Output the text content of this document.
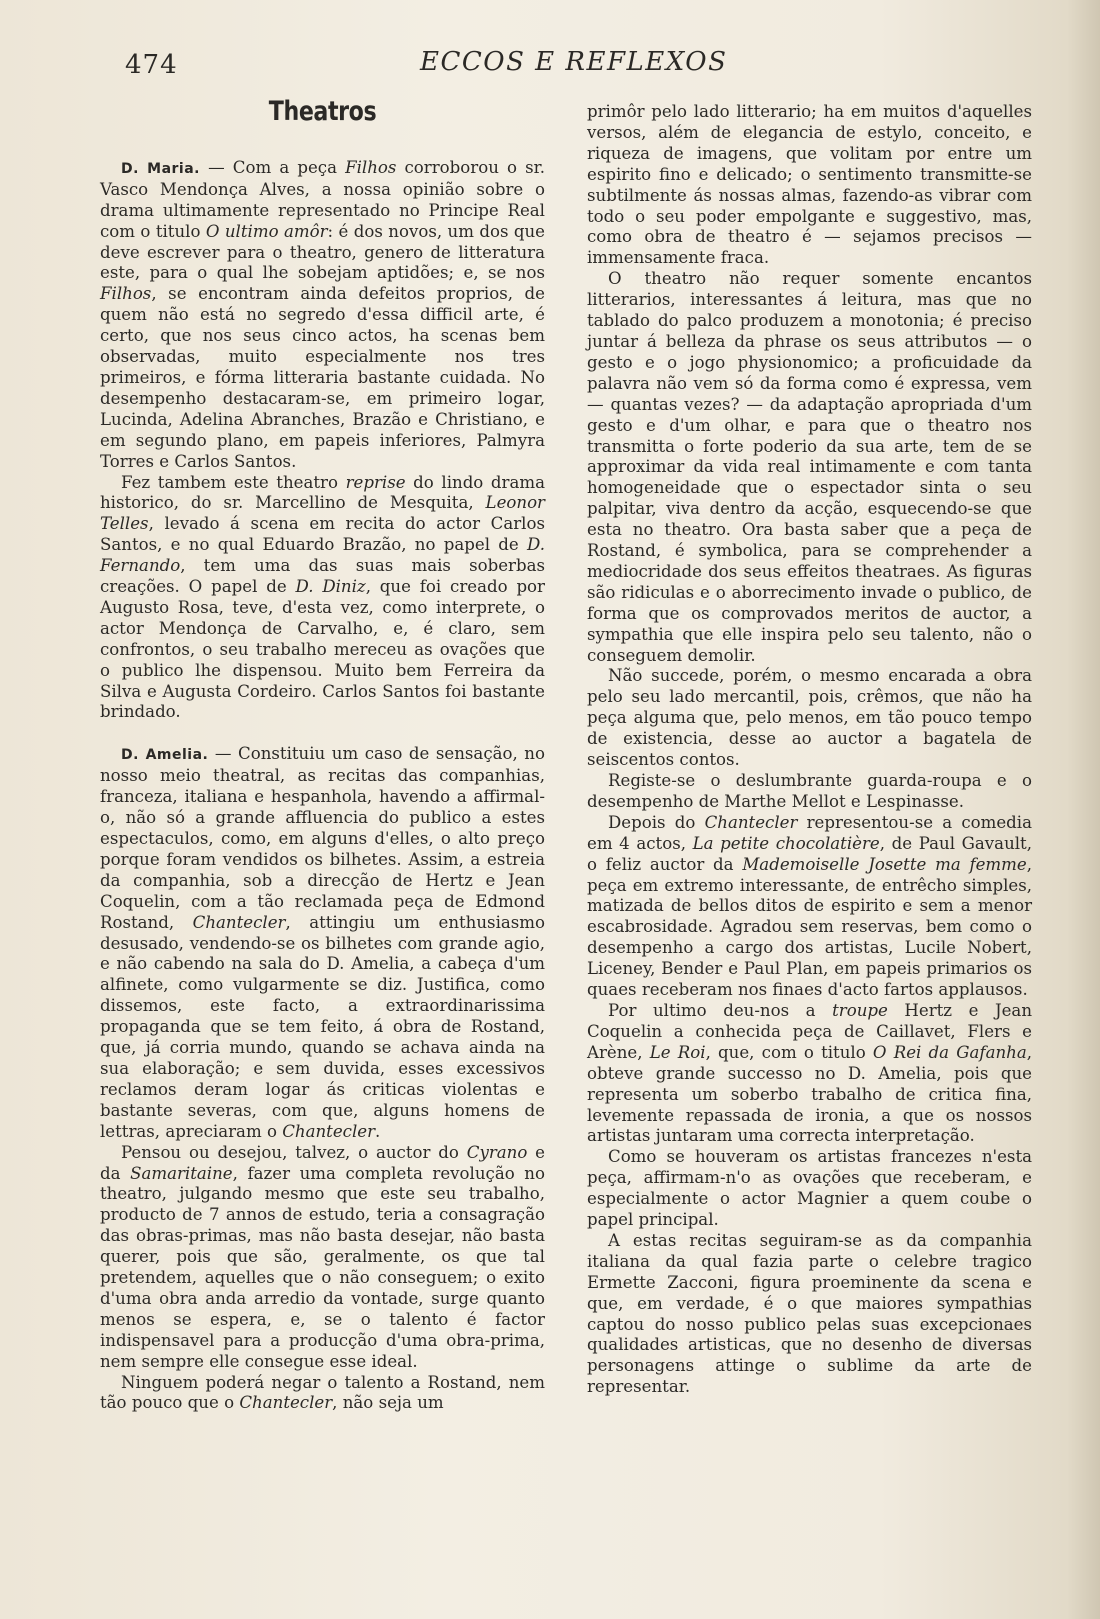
474	ECCOS E REFLEXOS
Theatros

D. Maria. — Com a peça Filhos corroborou o sr. Vasco Mendonça Alves, a nossa opinião sobre o drama ultimamente representado no Principe Real com o titulo O ultimo amôr: é dos novos, um dos que deve escrever para o theatro, genero de litteratura este, para o qual lhe sobejam aptidões; e, se nos Filhos, se encontram ainda defeitos proprios, de quem não está no segredo d'essa difficil arte, é certo, que nos seus cinco actos, ha scenas bem observadas, muito especialmente nos tres primeiros, e fórma litteraria bastante cuidada. No desempenho destacaram-se, em primeiro logar, Lucinda, Adelina Abranches, Brazão e Christiano, e em segundo plano, em papeis inferiores, Palmyra Torres e Carlos Santos.

Fez tambem este theatro reprise do lindo drama historico, do sr. Marcellino de Mesquita, Leonor Telles, levado á scena em recita do actor Carlos Santos, e no qual Eduardo Brazão, no papel de D. Fernando, tem uma das suas mais soberbas creações. O papel de D. Diniz, que foi creado por Augusto Rosa, teve, d'esta vez, como interprete, o actor Mendonça de Carvalho, e, é claro, sem confrontos, o seu trabalho mereceu as ovações que o publico lhe dispensou. Muito bem Ferreira da Silva e Augusta Cordeiro. Carlos Santos foi bastante brindado.

D. Amelia. — Constituiu um caso de sensação, no nosso meio theatral, as recitas das companhias, franceza, italiana e hespanhola, havendo a affirmal-o, não só a grande affluencia do publico a estes espectaculos, como, em alguns d'elles, o alto preço porque foram vendidos os bilhetes. Assim, a estreia da companhia, sob a direcção de Hertz e Jean Coquelin, com a tão reclamada peça de Edmond Rostand, Chantecler, attingiu um enthusiasmo desusado, vendendo-se os bilhetes com grande agio, e não cabendo na sala do D. Amelia, a cabeça d'um alfinete, como vulgarmente se diz. Justifica, como dissemos, este facto, a extraordinarissima propaganda que se tem feito, á obra de Rostand, que, já corria mundo, quando se achava ainda na sua elaboração; e sem duvida, esses excessivos reclamos deram logar ás criticas violentas e bastante severas, com que, alguns homens de lettras, apreciaram o Chantecler.

Pensou ou desejou, talvez, o auctor do Cyrano e da Samaritaine, fazer uma completa revolução no theatro, julgando mesmo que este seu trabalho, producto de 7 annos de estudo, teria a consagração das obras-primas, mas não basta desejar, não basta querer, pois que são, geralmente, os que tal pretendem, aquelles que o não conseguem; o exito d'uma obra anda arredio da vontade, surge quanto menos se espera, e, se o talento é factor indispensavel para a producção d'uma obra-prima, nem sempre elle consegue esse ideal.

Ninguem poderá negar o talento a Rostand, nem tão pouco que o Chantecler, não seja um

primôr pelo lado litterario; ha em muitos d'aquelles versos, além de elegancia de estylo, conceito, e riqueza de imagens, que volitam por entre um espirito fino e delicado; o sentimento transmitte-se subtilmente ás nossas almas, fazendo-as vibrar com todo o seu poder empolgante e suggestivo, mas, como obra de theatro é — sejamos precisos — immensamente fraca.

O theatro não requer somente encantos litterarios, interessantes á leitura, mas que no tablado do palco produzem a monotonia; é preciso juntar á belleza da phrase os seus attributos — o gesto e o jogo physionomico; a proficuidade da palavra não vem só da forma como é expressa, vem — quantas vezes? — da adaptação apropriada d'um gesto e d'um olhar, e para que o theatro nos transmitta o forte poderio da sua arte, tem de se approximar da vida real intimamente e com tanta homogeneidade que o espectador sinta o seu palpitar, viva dentro da acção, esquecendo-se que esta no theatro. Ora basta saber que a peça de Rostand, é symbolica, para se comprehender a mediocridade dos seus effeitos theatraes. As figuras são ridiculas e o aborrecimento invade o publico, de forma que os comprovados meritos de auctor, a sympathia que elle inspira pelo seu talento, não o conseguem demolir.

Não succede, porém, o mesmo encarada a obra pelo seu lado mercantil, pois, crêmos, que não ha peça alguma que, pelo menos, em tão pouco tempo de existencia, desse ao auctor a bagatela de seiscentos contos.

Registe-se o deslumbrante guarda-roupa e o desempenho de Marthe Mellot e Lespinasse.

Depois do Chantecler representou-se a comedia em 4 actos, La petite chocolatière, de Paul Gavault, o feliz auctor da Mademoiselle Josette ma femme, peça em extremo interessante, de entrêcho simples, matizada de bellos ditos de espirito e sem a menor escabrosidade. Agradou sem reservas, bem como o desempenho a cargo dos artistas, Lucile Nobert, Liceney, Bender e Paul Plan, em papeis primarios os quaes receberam nos finaes d'acto fartos applausos.

Por ultimo deu-nos a troupe Hertz e Jean Coquelin a conhecida peça de Caillavet, Flers e Arène, Le Roi, que, com o titulo O Rei da Gafanha, obteve grande successo no D. Amelia, pois que representa um soberbo trabalho de critica fina, levemente repassada de ironia, a que os nossos artistas juntaram uma correcta interpretação.

Como se houveram os artistas francezes n'esta peça, affirmam-n'o as ovações que receberam, e especialmente o actor Magnier a quem coube o papel principal.

A estas recitas seguiram-se as da companhia italiana da qual fazia parte o celebre tragico Ermette Zacconi, figura proeminente da scena e que, em verdade, é o que maiores sympathias captou do nosso publico pelas suas excepcionaes qualidades artisticas, que no desenho de diversas personagens attinge o sublime da arte de representar.
